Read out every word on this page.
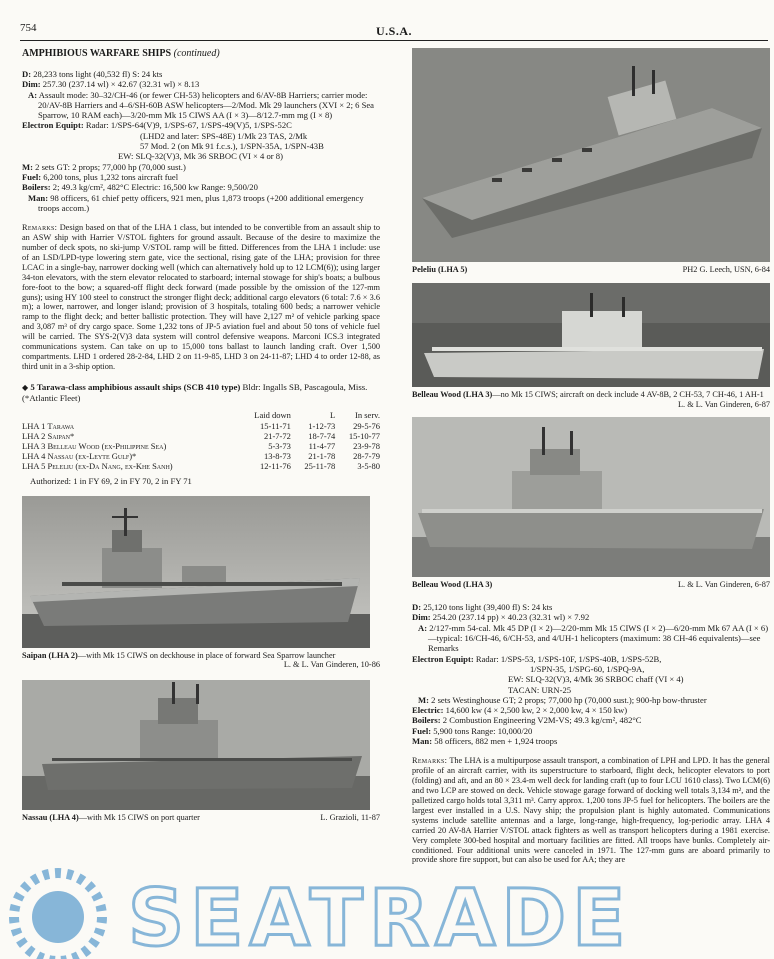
754	U.S.A.
AMPHIBIOUS WARFARE SHIPS (continued)

D: 28,233 tons light (40,532 fl) S: 24 kts

Dim: 257.30 (237.14 wl) × 42.67 (32.31 wl) × 8.13

A: Assault mode: 30–32/CH-46 (or fewer CH-53) helicopters and 6/AV-8B Harriers; carrier mode: 20/AV-8B Harriers and 4–6/SH-60B ASW helicopters—2/Mod. Mk 29 launchers (XVI × 2; 6 Sea Sparrow, 10 RAM each)—3/20-mm Mk 15 CIWS AA (I × 3)—8/12.7-mm mg (I × 8)

Electron Equipt: Radar: 1/SPS-64(V)9, 1/SPS-67, 1/SPS-49(V)5, 1/SPS-52C

(LHD2 and later: SPS-48E) 1/Mk 23 TAS, 2/Mk

57 Mod. 2 (on Mk 91 f.c.s.), 1/SPN-35A, 1/SPN-43B

EW: SLQ-32(V)3, Mk 36 SRBOC (VI × 4 or 8)

M: 2 sets GT: 2 props; 77,000 hp (70,000 sust.)

Fuel: 6,200 tons, plus 1,232 tons aircraft fuel

Boilers: 2; 49.3 kg/cm², 482°C Electric: 16,500 kw Range: 9,500/20

Man: 98 officers, 61 chief petty officers, 921 men, plus 1,873 troops (+200 additional emergency troops accom.)

Remarks: Design based on that of the LHA 1 class, but intended to be convertible from an assault ship to an ASW ship with Harrier V/STOL fighters for ground assault. Because of the desire to maximize the number of deck spots, no ski-jump V/STOL ramp will be fitted. Differences from the LHA 1 include: use of an LSD/LPD-type lowering stern gate, vice the sectional, rising gate of the LHA; provision for three LCAC in a single-bay, narrower docking well (which can alternatively hold up to 12 LCM(6)); using larger 34-ton elevators, with the stern elevator relocated to starboard; internal stowage for ship's boats; a bulbous fore-foot to the bow; a squared-off flight deck forward (made possible by the omission of the 127-mm guns); using HY 100 steel to construct the stronger flight deck; additional cargo elevators (6 total: 7.6 × 3.6 m); a lower, narrower, and longer island; provision of 3 hospitals, totaling 600 beds; a narrower vehicle ramp to the flight deck; and better ballistic protection. They will have 2,127 m² of vehicle parking space and 3,087 m³ of dry cargo space. Some 1,232 tons of JP-5 aviation fuel and about 50 tons of vehicle fuel will be carried. The SYS-2(V)3 data system will control defensive weapons. Marconi ICS.3 integrated communications system. Can take on up to 15,000 tons ballast to launch landing craft. Over 1,500 compartments. LHD 1 ordered 28-2-84, LHD 2 on 11-9-85, LHD 3 on 24-11-87; LHD 4 to order 12-88, as third unit in a 3-ship option.

◆ 5 Tarawa-class amphibious assault ships (SCB 410 type) Bldr: Ingalls SB, Pascagoula, Miss. (*Atlantic Fleet)

	Laid down	L	In serv.
LHA 1 Tarawa	15-11-71	1-12-73	29-5-76
LHA 2 Saipan*	21-7-72	18-7-74	15-10-77
LHA 3 Belleau Wood (ex-Philippine Sea)	5-3-73	11-4-77	23-9-78
LHA 4 Nassau (ex-Leyte Gulf)*	13-8-73	21-1-78	28-7-79
LHA 5 Peleliu (ex-Da Nang, ex-Khe Sanh)	12-11-76	25-11-78	3-5-80

Authorized: 1 in FY 69, 2 in FY 70, 2 in FY 71

Saipan (LHA 2)—with Mk 15 CIWS on deckhouse in place of forward Sea Sparrow launcher
L. & L. Van Ginderen, 10-86
Nassau (LHA 4)—with Mk 15 CIWS on port quarter	L. Grazioli, 11-87
Peleliu (LHA 5)	PH2 G. Leech, USN, 6-84
Belleau Wood (LHA 3)—no Mk 15 CIWS; aircraft on deck include 4 AV-8B, 2 CH-53, 7 CH-46, 1 AH-1
L. & L. Van Ginderen, 6-87
Belleau Wood (LHA 3)	L. & L. Van Ginderen, 6-87

D: 25,120 tons light (39,400 fl) S: 24 kts

Dim: 254.20 (237.14 pp) × 40.23 (32.31 wl) × 7.92

A: 2/127-mm 54-cal. Mk 45 DP (I × 2)—2/20-mm Mk 15 CIWS (I × 2)—6/20-mm Mk 67 AA (I × 6)—typical: 16/CH-46, 6/CH-53, and 4/UH-1 helicopters (maximum: 38 CH-46 equivalents)—see Remarks

Electron Equipt: Radar: 1/SPS-53, 1/SPS-10F, 1/SPS-40B, 1/SPS-52B,

1/SPN-35, 1/SPG-60, 1/SPQ-9A,

EW: SLQ-32(V)3, 4/Mk 36 SRBOC chaff (VI × 4)

TACAN: URN-25

M: 2 sets Westinghouse GT; 2 props; 77,000 hp (70,000 sust.); 900-hp bow-thruster

Electric: 14,600 kw (4 × 2,500 kw, 2 × 2,000 kw, 4 × 150 kw)

Boilers: 2 Combustion Engineering V2M-VS; 49.3 kg/cm², 482°C

Fuel: 5,900 tons Range: 10,000/20

Man: 58 officers, 882 men + 1,924 troops

Remarks: The LHA is a multipurpose assault transport, a combination of LPH and LPD. It has the general profile of an aircraft carrier, with its superstructure to starboard, flight deck, helicopter elevators to port (folding) and aft, and an 80 × 23.4-m well deck for landing craft (up to four LCU 1610 class). Two LCM(6) and two LCP are stowed on deck. Vehicle stowage garage forward of docking well totals 3,134 m², and the palletized cargo holds total 3,311 m³. Carry approx. 1,200 tons JP-5 fuel for helicopters. The boilers are the largest ever installed in a U.S. Navy ship; the propulsion plant is highly automated. Communications systems include satellite antennas and a large, long-range, high-frequency, log-periodic array. LHA 4 carried 20 AV-8A Harrier V/STOL attack fighters as well as transport helicopters during a 1981 exercise. Very complete 300-bed hospital and mortuary facilities are fitted. All troops have bunks. Completely air-conditioned. Four additional units were canceled in 1971. The 127-mm guns are aboard primarily to provide shore fire support, but can also be used for AA; they are

SEATRADE
